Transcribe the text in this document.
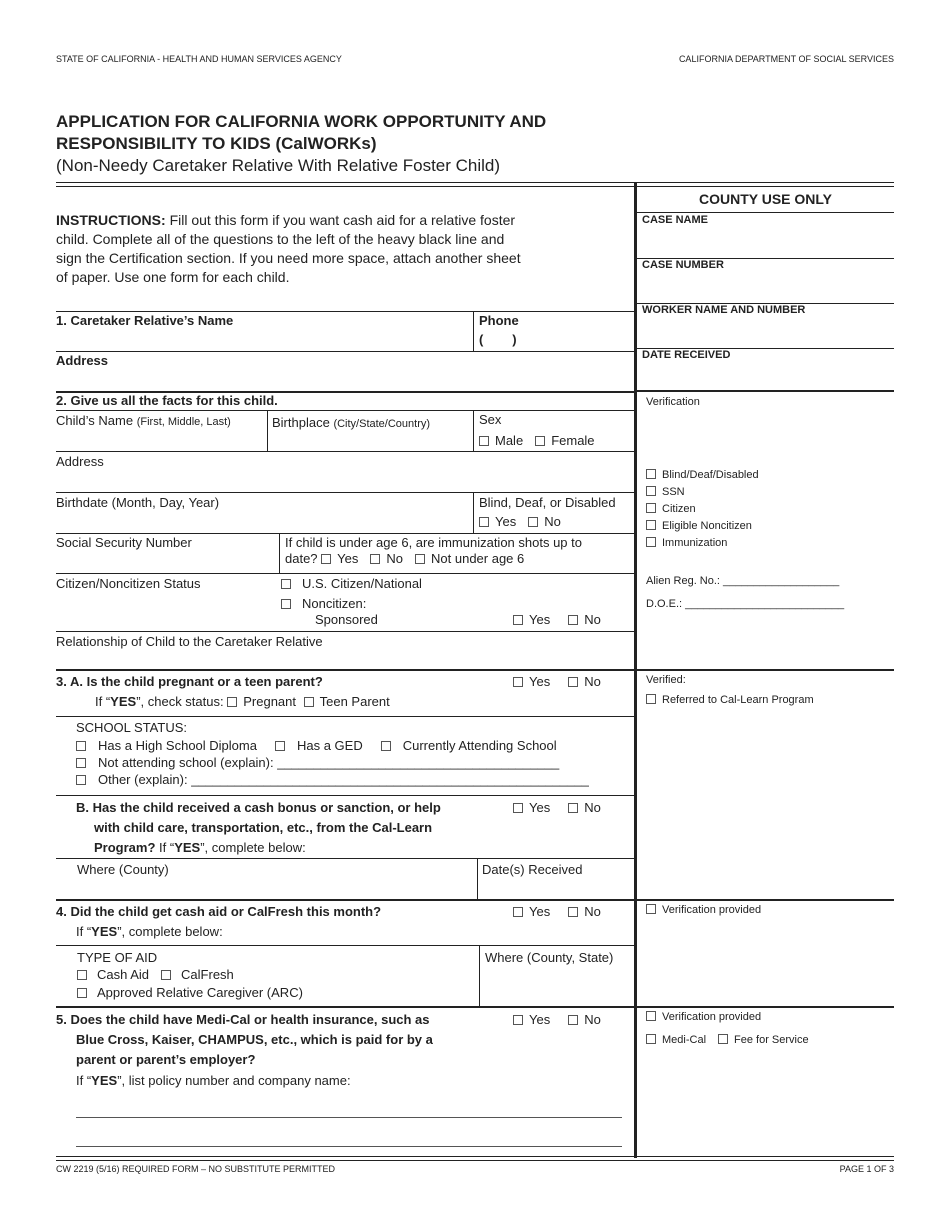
STATE OF CALIFORNIA - HEALTH AND HUMAN SERVICES AGENCY	CALIFORNIA DEPARTMENT OF SOCIAL SERVICES
APPLICATION FOR CALIFORNIA WORK OPPORTUNITY AND
RESPONSIBILITY TO KIDS (CalWORKs)
(Non-Needy Caretaker Relative With Relative Foster Child)
INSTRUCTIONS: Fill out this form if you want cash aid for a relative foster
child. Complete all of the questions to the left of the heavy black line and
sign the Certification section. If you need more space, attach another sheet
of paper. Use one form for each child.
COUNTY USE ONLY
CASE NAME
CASE NUMBER
WORKER NAME AND NUMBER
DATE RECEIVED
Verification
Blind/Deaf/Disabled
SSN
Citizen
Eligible Noncitizen
Immunization
Alien Reg. No.: ___________________
D.O.E.: __________________________
Verified:
Referred to Cal-Learn Program
Verification provided
Verification provided
Medi-Cal	Fee for Service
1. Caretaker Relative’s Name	Phone
(        )
Address
2. Give us all the facts for this child.
Child’s Name (First, Middle, Last)	Birthplace (City/State/Country)	Sex
Male Female
Address
Birthdate (Month, Day, Year)	Blind, Deaf, or Disabled
Yes No
Social Security Number	If child is under age 6, are immunization shots up to
date? Yes No Not under age 6
Citizen/Noncitizen Status	U.S. Citizen/National
Noncitizen:
Sponsored	Yes	No
Relationship of Child to the Caretaker Relative
3. A. Is the child pregnant or a teen parent?	Yes	No
If “YES”, check status: Pregnant Teen Parent
SCHOOL STATUS:
Has a High School Diploma	Has a GED	Currently Attending School
Not attending school (explain): _______________________________________
Other (explain): _______________________________________________________
B. Has the child received a cash bonus or sanction, or help	Yes	No
with child care, transportation, etc., from the Cal-Learn
Program? If “YES”, complete below:
Where (County)	Date(s) Received
4. Did the child get cash aid or CalFresh this month?	Yes	No
If “YES”, complete below:
TYPE OF AID
Cash Aid CalFresh
Approved Relative Caregiver (ARC)
Where (County, State)
5. Does the child have Medi-Cal or health insurance, such as	Yes	No
Blue Cross, Kaiser, CHAMPUS, etc., which is paid for by a
parent or parent’s employer?
If “YES”, list policy number and company name:
CW 2219 (5/16) REQUIRED FORM – NO SUBSTITUTE PERMITTED	PAGE 1 OF 3
